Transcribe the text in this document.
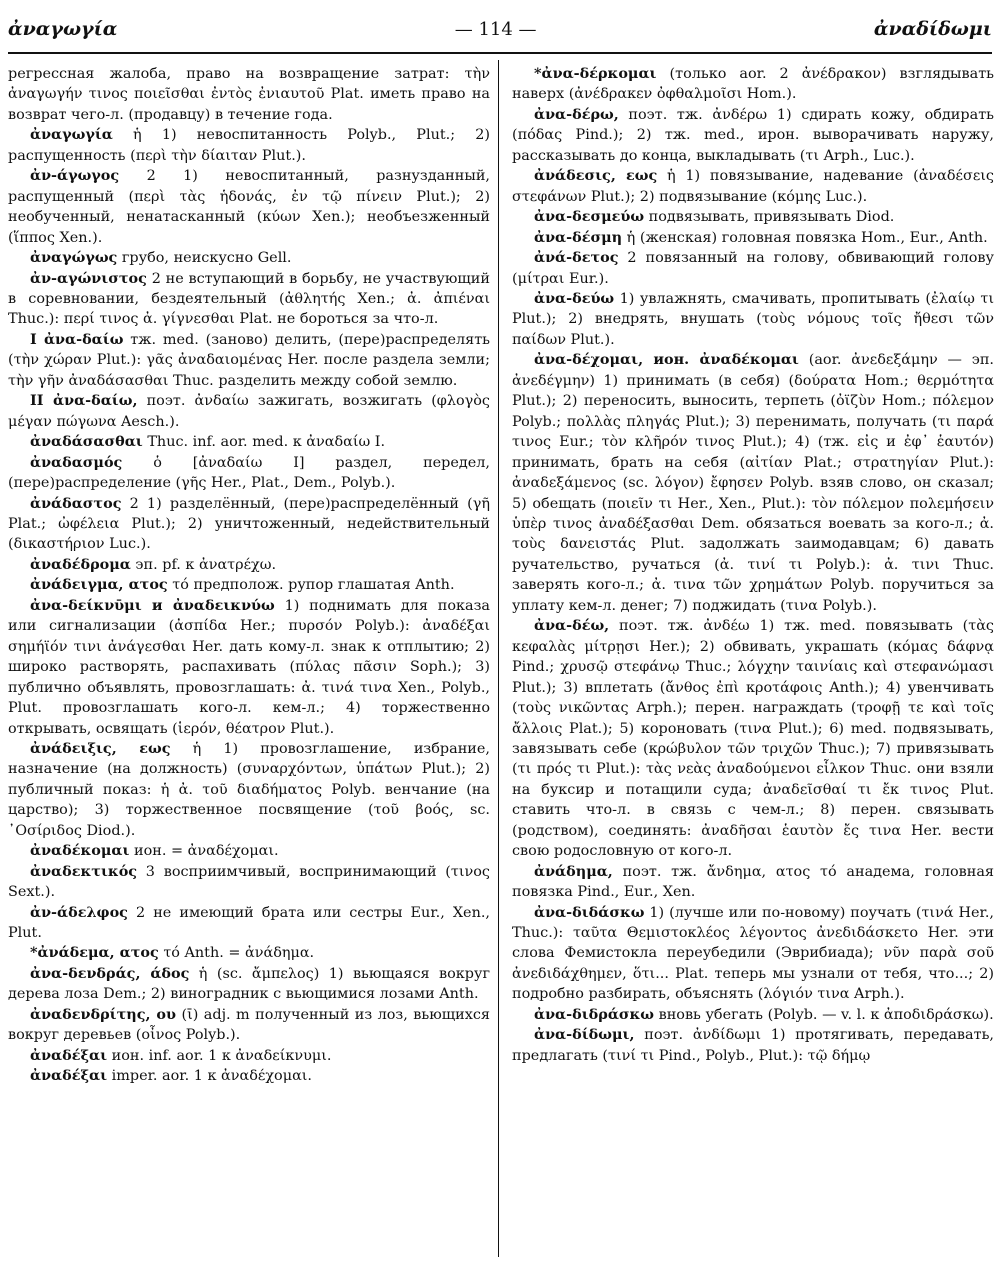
ἀναγωγία	— 114 —	ἀναδίδωμι

регрессная жалоба, право на возвращение затрат: τὴν ἀναγωγήν τινος ποιεῖσθαι ἐντὸς ἐνιαυτοῦ Plat. иметь право на возврат чего-л. (продавцу) в течение года.

ἀναγωγία ἡ 1) невоспитанность Polyb., Plut.; 2) распущенность (περὶ τὴν δίαιταν Plut.).

ἀν-άγωγος 2 1) невоспитанный, разнузданный, распущенный (περὶ τὰς ἡδονάς, ἐν τῷ πίνειν Plut.); 2) необученный, ненатасканный (κύων Xen.); необъезженный (ἵππος Xen.).

ἀναγώγως грубо, неискусно Gell.

ἀν-αγώνιστος 2 не вступающий в борьбу, не участвующий в соревновании, бездеятельный (ἀθλητής Xen.; ἀ. ἀπιέναι Thuc.): περί τινος ἀ. γίγνεσθαι Plat. не бороться за что-л.

I ἀνα-δαίω тж. med. (заново) делить, (пере)распределять (τὴν χώραν Plut.): γᾶς ἀναδαιομένας Her. после раздела земли; τὴν γῆν ἀναδάσασθαι Thuc. разделить между собой землю.

II ἀνα-δαίω, поэт. ἀνδαίω зажигать, возжигать (φλογὸς μέγαν πώγωνα Aesch.).

ἀναδάσασθαι Thuc. inf. aor. med. к ἀναδαίω I.

ἀναδασμός ὁ [ἀναδαίω I] раздел, передел, (пере)распределение (γῆς Her., Plat., Dem., Polyb.).

ἀνάδαστος 2 1) разделённый, (пере)распределённый (γῆ Plat.; ὠφέλεια Plut.); 2) уничтоженный, недействительный (δικαστήριον Luc.).

ἀναδέδρομα эп. pf. к ἀνατρέχω.

ἀνάδειγμα, ατος τό предполож. рупор глашатая Anth.

ἀνα-δείκνῡμι и ἀναδεικνύω 1) поднимать для показа или сигнализации (ἀσπίδα Her.; πυρσόν Polyb.): ἀναδέξαι σημήϊόν τινι ἀνάγεσθαι Her. дать кому-л. знак к отплытию; 2) широко растворять, распахивать (πύλας πᾶσιν Soph.); 3) публично объявлять, провозглашать: ἀ. τινά τινα Xen., Polyb., Plut. провозглашать кого-л. кем-л.; 4) торжественно открывать, освящать (ἱερόν, θέατρον Plut.).

ἀνάδειξις, εως ἡ 1) провозглашение, избрание, назначение (на должность) (συναρχόντων, ὑπάτων Plut.); 2) публичный показ: ἡ ἀ. τοῦ διαδήματος Polyb. венчание (на царство); 3) торжественное посвящение (τοῦ βοός, sc. ᾿Οσίριδος Diod.).

ἀναδέκομαι ион. = ἀναδέχομαι.

ἀναδεκτικός 3 восприимчивый, воспринимающий (τινος Sext.).

ἀν-άδελφος 2 не имеющий брата или сестры Eur., Xen., Plut.

*ἀνάδεμα, ατος τό Anth. = ἀνάδημα.

ἀνα-δενδράς, άδος ἡ (sc. ἄμπελος) 1) вьющаяся вокруг дерева лоза Dem.; 2) виноградник с вьющимися лозами Anth.

ἀναδενδρίτης, ου (ῑ) adj. m полученный из лоз, вьющихся вокруг деревьев (οἶνος Polyb.).

ἀναδέξαι ион. inf. aor. 1 к ἀναδείκνυμι.

ἀναδέξαι imper. aor. 1 к ἀναδέχομαι.

*ἀνα-δέρκομαι (только aor. 2 ἀνέδρακον) взглядывать наверх (ἀνέδρακεν ὀφθαλμοῖσι Hom.).

ἀνα-δέρω, поэт. тж. ἀνδέρω 1) сдирать кожу, обдирать (πόδας Pind.); 2) тж. med., ирон. выворачивать наружу, рассказывать до конца, выкладывать (τι Arph., Luc.).

ἀνάδεσις, εως ἡ 1) повязывание, надевание (ἀναδέσεις στεφάνων Plut.); 2) подвязывание (κόμης Luc.).

ἀνα-δεσμεύω подвязывать, привязывать Diod.

ἀνα-δέσμη ἡ (женская) головная повязка Hom., Eur., Anth.

ἀνά-δετος 2 повязанный на голову, обвивающий голову (μίτραι Eur.).

ἀνα-δεύω 1) увлажнять, смачивать, пропитывать (ἐλαίῳ τι Plut.); 2) внедрять, внушать (τοὺς νόμους τοῖς ἤθεσι τῶν παίδων Plut.).

ἀνα-δέχομαι, ион. ἀναδέκομαι (aor. ἀνεδεξάμην — эп. ἀνεδέγμην) 1) принимать (в себя) (δούρατα Hom.; θερμότητα Plut.); 2) переносить, выносить, терпеть (ὀϊζὺν Hom.; πόλεμον Polyb.; πολλὰς πληγάς Plut.); 3) перенимать, получать (τι παρά τινος Eur.; τὸν κλῆρόν τινος Plut.); 4) (тж. εἰς и ἐφ᾿ ἑαυτόν) принимать, брать на себя (αἰτίαν Plat.; στρατηγίαν Plut.): ἀναδεξάμενος (sc. λόγον) ἔφησεν Polyb. взяв слово, он сказал; 5) обещать (ποιεῖν τι Her., Xen., Plut.): τὸν πόλεμον πολεμήσειν ὑπὲρ τινος ἀναδέξασθαι Dem. обязаться воевать за кого-л.; ἀ. τοὺς δανειστάς Plut. задолжать заимодавцам; 6) давать ручательство, ручаться (ἀ. τινί τι Polyb.): ἀ. τινι Thuc. заверять кого-л.; ἀ. τινα τῶν χρημάτων Polyb. поручиться за уплату кем-л. денег; 7) поджидать (τινα Polyb.).

ἀνα-δέω, поэт. тж. ἀνδέω 1) тж. med. повязывать (τὰς κεφαλὰς μίτρῃσι Her.); 2) обвивать, украшать (κόμας δάφνᾳ Pind.; χρυσῷ στεφάνῳ Thuc.; λόγχην ταινίαις καὶ στεφανώμασι Plut.); 3) вплетать (ἄνθος ἐπὶ κροτάφοις Anth.); 4) увенчивать (τοὺς νικῶντας Arph.); перен. награждать (τροφῇ τε καὶ τοῖς ἄλλοις Plat.); 5) короновать (τινα Plut.); 6) med. подвязывать, завязывать себе (κρώβυλον τῶν τριχῶν Thuc.); 7) привязывать (τι πρός τι Plut.): τὰς νεὰς ἀναδούμενοι εἷλκον Thuc. они взяли на буксир и потащили суда; ἀναδεῖσθαί τι ἔκ τινος Plut. ставить что-л. в связь с чем-л.; 8) перен. связывать (родством), соединять: ἀναδῆσαι ἑαυτὸν ἔς τινα Her. вести свою родословную от кого-л.

ἀνάδημα, поэт. тж. ἄνδημα, ατος τό анадема, головная повязка Pind., Eur., Xen.

ἀνα-διδάσκω 1) (лучше или по-новому) поучать (τινά Her., Thuc.): ταῦτα Θεμιστοκλέος λέγοντος ἀνεδιδάσκετο Her. эти слова Фемистокла переубедили (Эврибиада); νῦν παρὰ σοῦ ἀνεδιδάχθημεν, ὅτι... Plat. теперь мы узнали от тебя, что...; 2) подробно разбирать, объяснять (λόγιόν τινα Arph.).

ἀνα-διδράσκω вновь убегать (Polyb. — v. l. к ἀποδιδράσκω).

ἀνα-δίδωμι, поэт. ἀνδίδωμι 1) протягивать, передавать, предлагать (τινί τι Pind., Polyb., Plut.): τῷ δήμῳ
